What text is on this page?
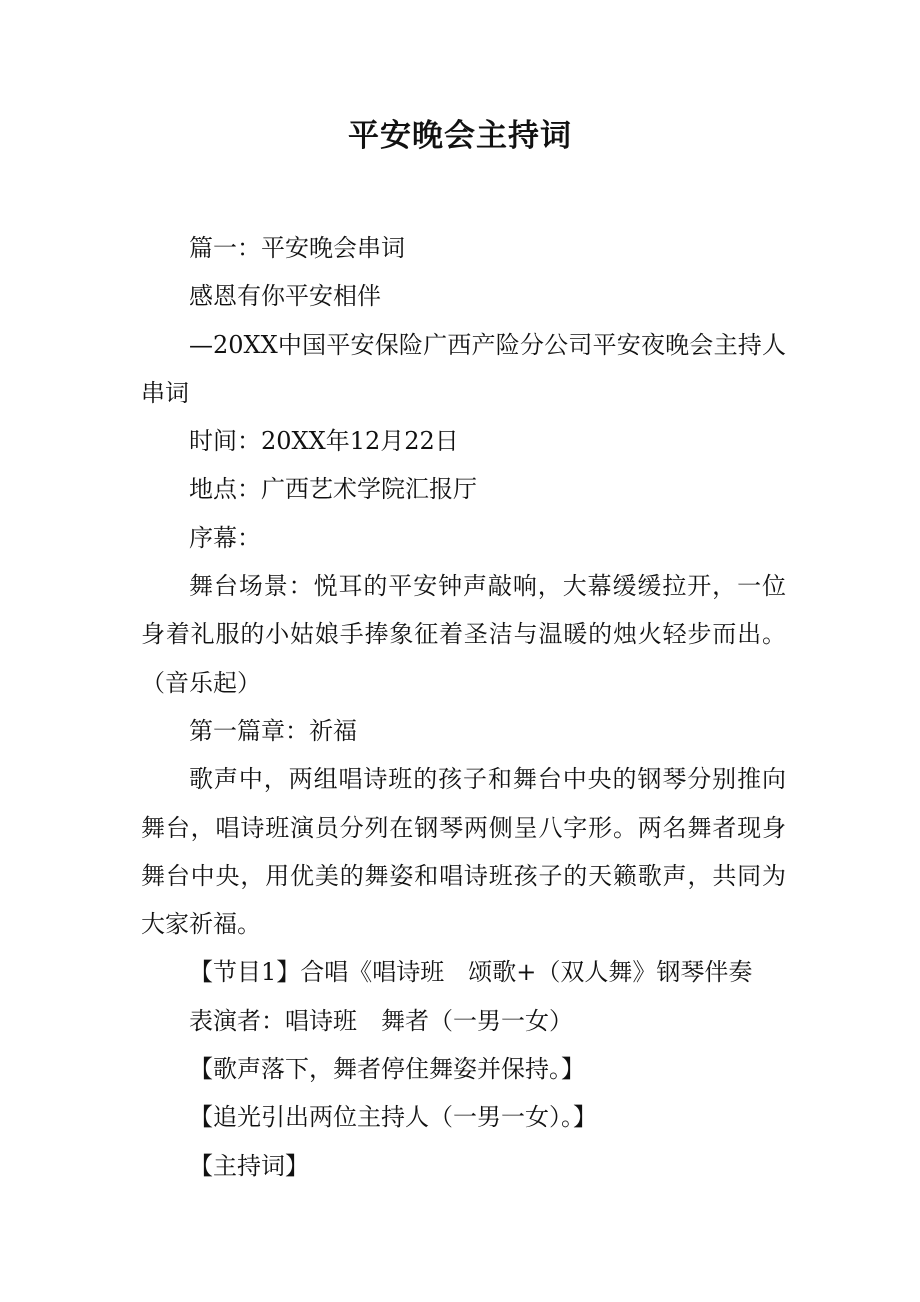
平安晚会主持词

篇一：平安晚会串词

感恩有你平安相伴

—20XX中国平安保险广西产险分公司平安夜晚会主持人串词

时间：20XX年12月22日

地点：广西艺术学院汇报厅

序幕：

舞台场景：悦耳的平安钟声敲响，大幕缓缓拉开，一位身着礼服的小姑娘手捧象征着圣洁与温暖的烛火轻步而出。（音乐起）

第一篇章：祈福

歌声中，两组唱诗班的孩子和舞台中央的钢琴分别推向舞台，唱诗班演员分列在钢琴两侧呈八字形。两名舞者现身舞台中央，用优美的舞姿和唱诗班孩子的天籁歌声，共同为大家祈福。

【节目1】合唱《唱诗班　颂歌+（双人舞》钢琴伴奏

表演者：唱诗班　舞者（一男一女）

【歌声落下，舞者停住舞姿并保持。】

【追光引出两位主持人（一男一女）。】

【主持词】
